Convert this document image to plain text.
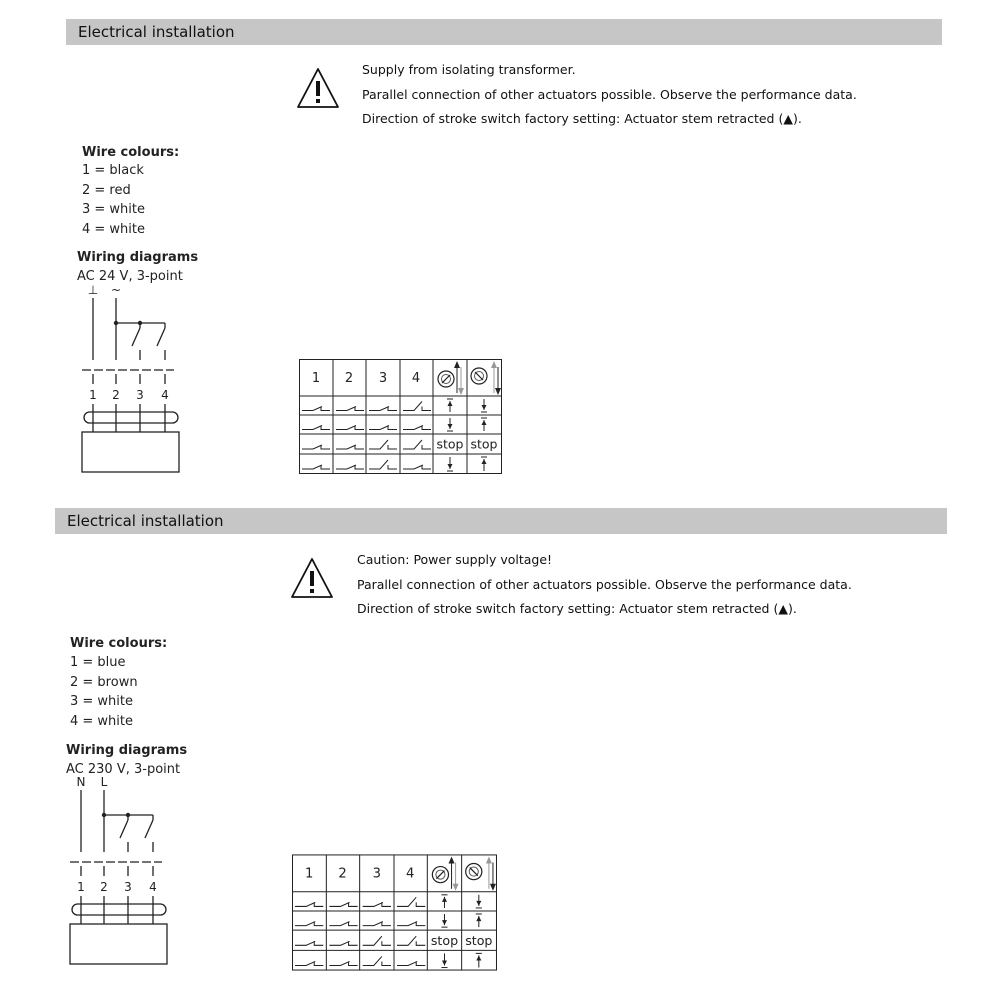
Electrical installation
Supply from isolating transformer.
Parallel connection of other actuators possible. Observe the performance data.
Direction of stroke switch factory setting: Actuator stem retracted (▲).
Wire colours:
1 = black
2 = red
3 = white
4 = white
Wiring diagrams
AC 24 V, 3-point
⊥ ~
1 2 3 4
1 2 3 4
stop stop
Electrical installation
Caution: Power supply voltage!
Parallel connection of other actuators possible. Observe the performance data.
Direction of stroke switch factory setting: Actuator stem retracted (▲).
Wire colours:
1 = blue
2 = brown
3 = white
4 = white
Wiring diagrams
AC 230 V, 3-point
N L
1 2 3 4
1 2 3 4
stop stop
